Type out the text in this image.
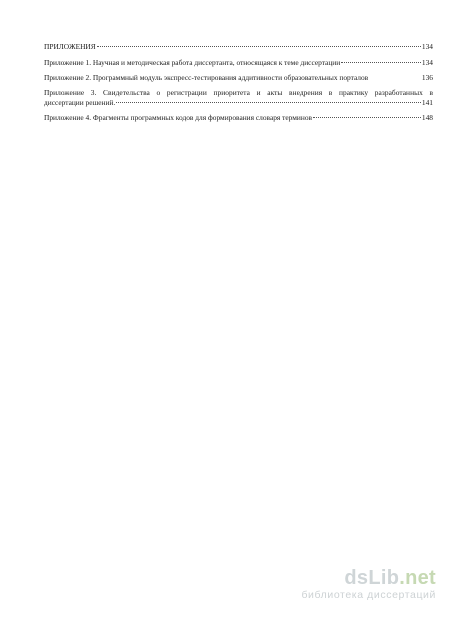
ПРИЛОЖЕНИЯ	134
Приложение 1. Научная и методическая работа диссертанта, относящаяся к теме диссертации	134
Приложение 2. Программный модуль экспресс-тестирования аддитивности образовательных порталов	136
Приложение 3. Свидетельства о регистрации приоритета и акты внедрения в практику разработанных в
диссертации решений.	141
Приложение 4. Фрагменты программных кодов для формирования словаря терминов	148
dsLib.net
библиотека диссертаций
